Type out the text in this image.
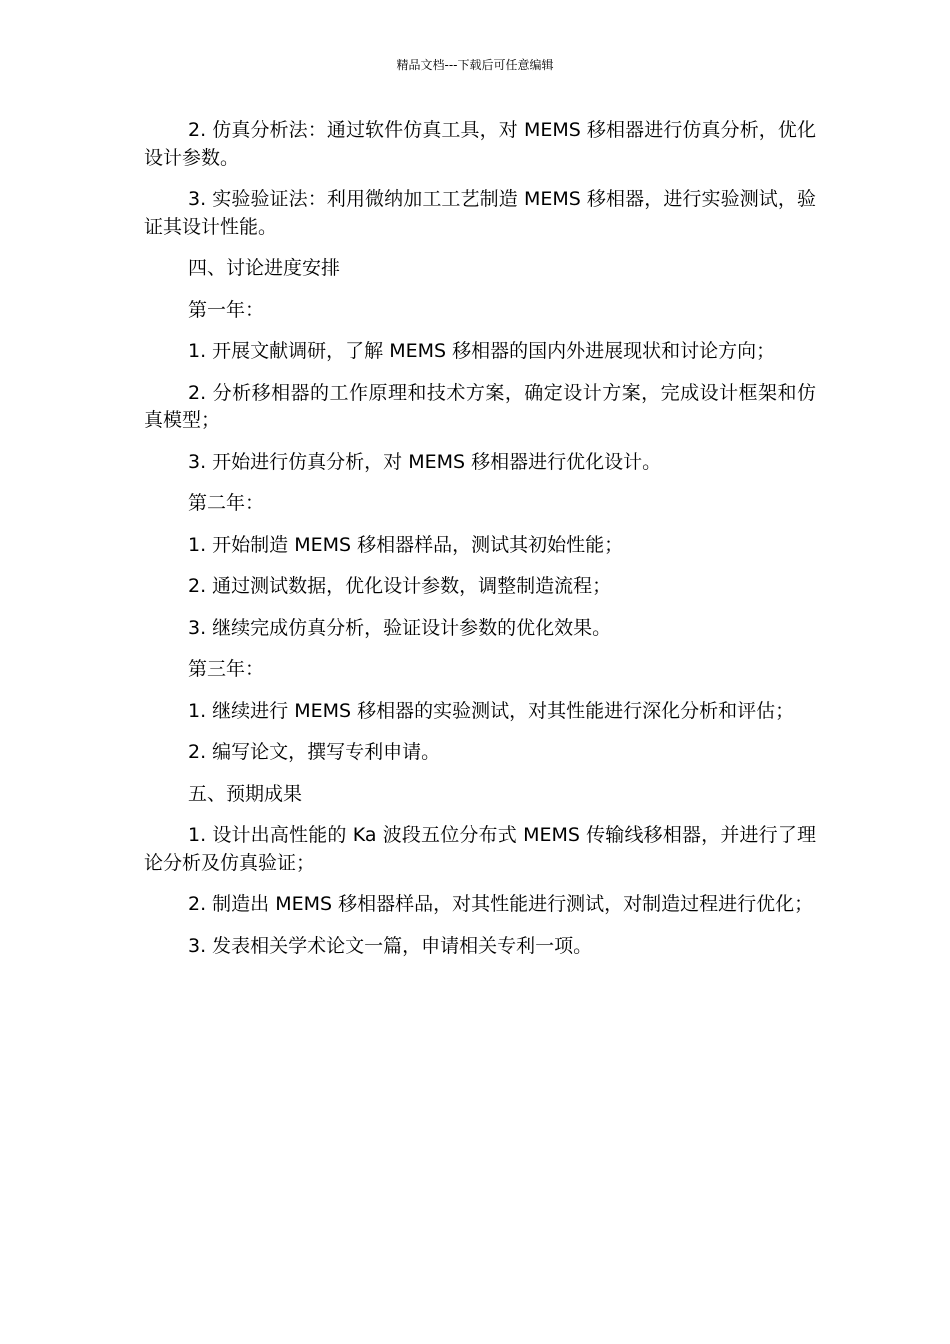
精品文档---下载后可任意编辑

2. 仿真分析法：通过软件仿真工具，对 MEMS 移相器进行仿真分析，优化设计参数。

3. 实验验证法：利用微纳加工工艺制造 MEMS 移相器，进行实验测试，验证其设计性能。

四、讨论进度安排

第一年：

1. 开展文献调研，了解 MEMS 移相器的国内外进展现状和讨论方向；

2. 分析移相器的工作原理和技术方案，确定设计方案，完成设计框架和仿真模型；

3. 开始进行仿真分析，对 MEMS 移相器进行优化设计。

第二年：

1. 开始制造 MEMS 移相器样品，测试其初始性能；

2. 通过测试数据，优化设计参数，调整制造流程；

3. 继续完成仿真分析，验证设计参数的优化效果。

第三年：

1. 继续进行 MEMS 移相器的实验测试，对其性能进行深化分析和评估；

2. 编写论文，撰写专利申请。

五、预期成果

1. 设计出高性能的 Ka 波段五位分布式 MEMS 传输线移相器，并进行了理论分析及仿真验证；

2. 制造出 MEMS 移相器样品，对其性能进行测试，对制造过程进行优化；

3. 发表相关学术论文一篇，申请相关专利一项。
